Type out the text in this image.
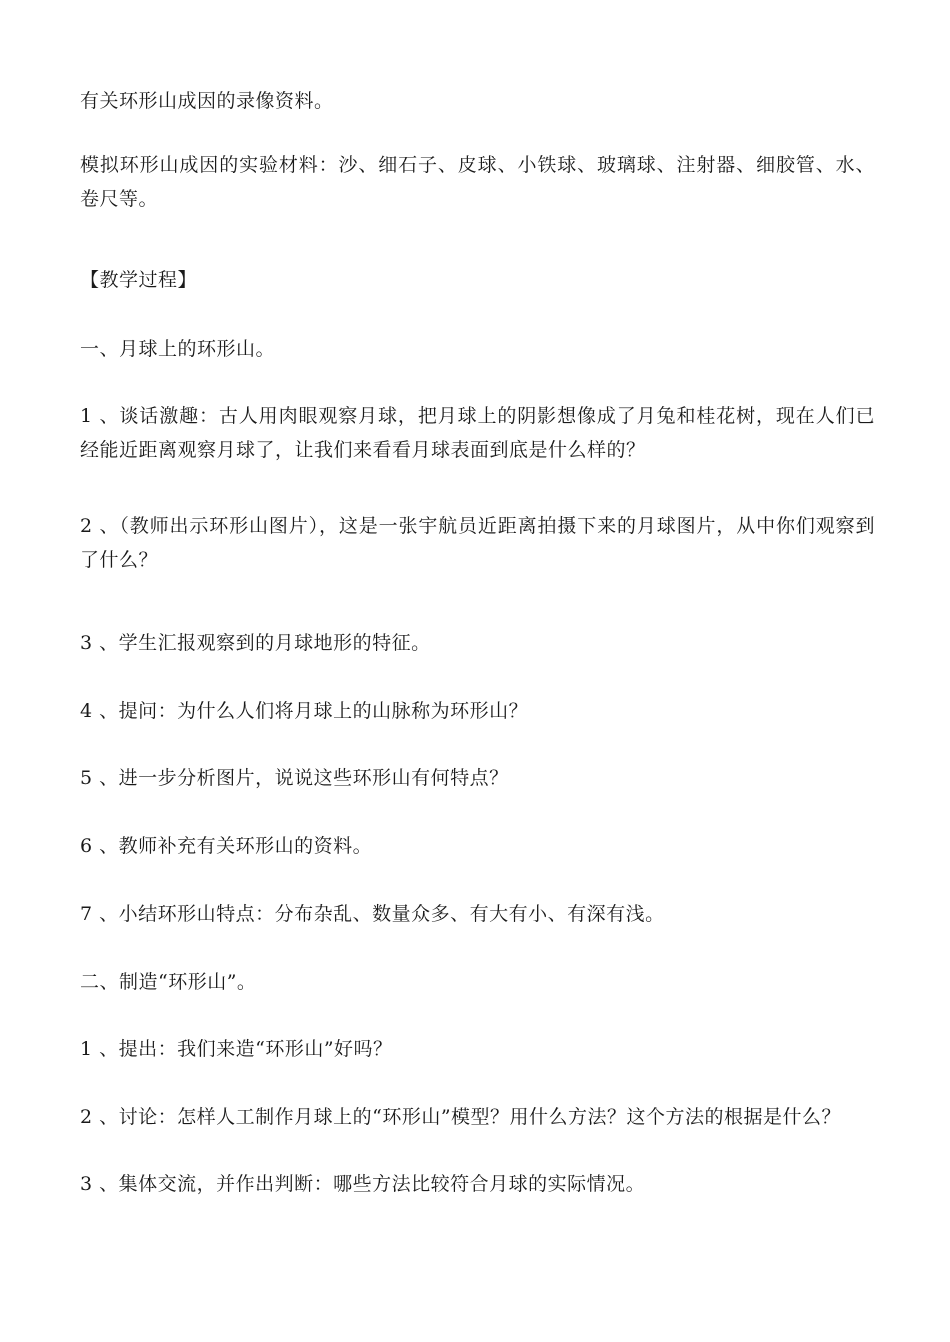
有关环形山成因的录像资料。

模拟环形山成因的实验材料：沙、细石子、皮球、小铁球、玻璃球、注射器、细胶管、水、卷尺等。

【教学过程】

一、月球上的环形山。

1 、谈话激趣：古人用肉眼观察月球，把月球上的阴影想像成了月兔和桂花树，现在人们已经能近距离观察月球了，让我们来看看月球表面到底是什么样的？

2 、（教师出示环形山图片），这是一张宇航员近距离拍摄下来的月球图片，从中你们观察到了什么？

3 、学生汇报观察到的月球地形的特征。

4 、提问：为什么人们将月球上的山脉称为环形山？

5 、进一步分析图片，说说这些环形山有何特点？

6 、教师补充有关环形山的资料。

7 、小结环形山特点：分布杂乱、数量众多、有大有小、有深有浅。

二、制造“环形山”。

1 、提出：我们来造“环形山”好吗？

2 、讨论：怎样人工制作月球上的“环形山”模型？用什么方法？这个方法的根据是什么？

3 、集体交流，并作出判断：哪些方法比较符合月球的实际情况。
